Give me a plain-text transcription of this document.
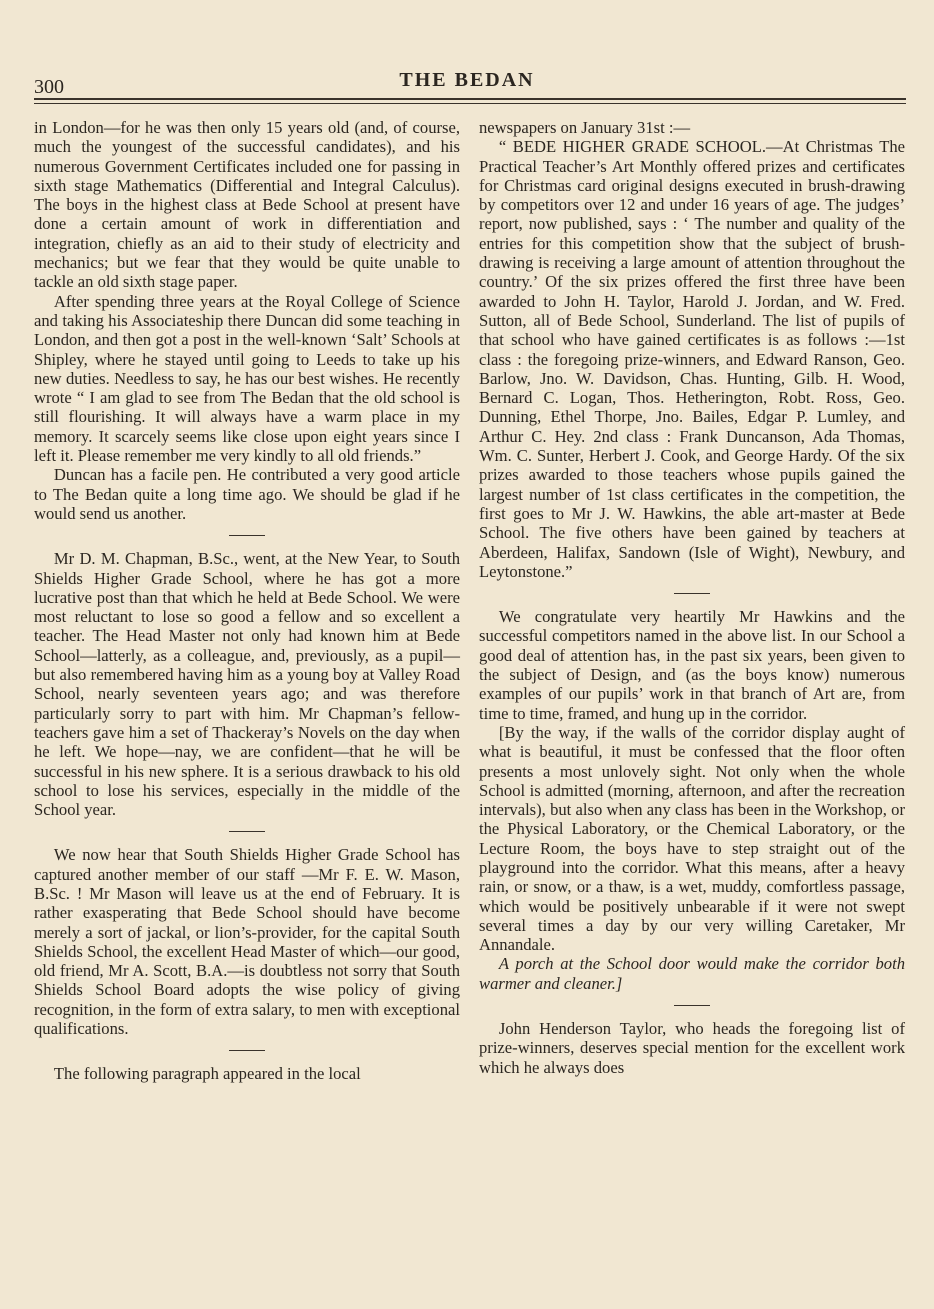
300	THE BEDAN

in London—for he was then only 15 years old (and, of course, much the youngest of the successful candidates), and his numerous Government Certificates included one for passing in sixth stage Mathematics (Differential and Integral Calculus). The boys in the highest class at Bede School at present have done a certain amount of work in differentiation and integration, chiefly as an aid to their study of electricity and mechanics; but we fear that they would be quite unable to tackle an old sixth stage paper.

After spending three years at the Royal College of Science and taking his Associateship there Duncan did some teaching in London, and then got a post in the well-known ‘Salt’ Schools at Shipley, where he stayed until going to Leeds to take up his new duties. Needless to say, he has our best wishes. He recently wrote “ I am glad to see from The Bedan that the old school is still flourishing. It will always have a warm place in my memory. It scarcely seems like close upon eight years since I left it. Please remember me very kindly to all old friends.”

Duncan has a facile pen. He contributed a very good article to The Bedan quite a long time ago. We should be glad if he would send us another.

Mr D. M. Chapman, B.Sc., went, at the New Year, to South Shields Higher Grade School, where he has got a more lucrative post than that which he held at Bede School. We were most reluctant to lose so good a fellow and so excellent a teacher. The Head Master not only had known him at Bede School—latterly, as a colleague, and, previously, as a pupil—but also remembered having him as a young boy at Valley Road School, nearly seventeen years ago; and was therefore particularly sorry to part with him. Mr Chapman’s fellow-teachers gave him a set of Thackeray’s Novels on the day when he left. We hope—nay, we are confident—that he will be successful in his new sphere. It is a serious drawback to his old school to lose his services, especially in the middle of the School year.

We now hear that South Shields Higher Grade School has captured another member of our staff —Mr F. E. W. Mason, B.Sc. ! Mr Mason will leave us at the end of February. It is rather exasperating that Bede School should have become merely a sort of jackal, or lion’s-provider, for the capital South Shields School, the excellent Head Master of which—our good, old friend, Mr A. Scott, B.A.—is doubtless not sorry that South Shields School Board adopts the wise policy of giving recognition, in the form of extra salary, to men with exceptional qualifications.

The following paragraph appeared in the local

newspapers on January 31st :—

“ BEDE HIGHER GRADE SCHOOL.—At Christmas The Practical Teacher’s Art Monthly offered prizes and certificates for Christmas card original designs executed in brush-drawing by competitors over 12 and under 16 years of age. The judges’ report, now published, says : ‘ The number and quality of the entries for this competition show that the subject of brush-drawing is receiving a large amount of attention throughout the country.’ Of the six prizes offered the first three have been awarded to John H. Taylor, Harold J. Jordan, and W. Fred. Sutton, all of Bede School, Sunderland. The list of pupils of that school who have gained certificates is as follows :—1st class : the foregoing prize-winners, and Edward Ranson, Geo. Barlow, Jno. W. Davidson, Chas. Hunting, Gilb. H. Wood, Bernard C. Logan, Thos. Hetherington, Robt. Ross, Geo. Dunning, Ethel Thorpe, Jno. Bailes, Edgar P. Lumley, and Arthur C. Hey. 2nd class : Frank Duncanson, Ada Thomas, Wm. C. Sunter, Herbert J. Cook, and George Hardy. Of the six prizes awarded to those teachers whose pupils gained the largest number of 1st class certificates in the competition, the first goes to Mr J. W. Hawkins, the able art-master at Bede School. The five others have been gained by teachers at Aberdeen, Halifax, Sandown (Isle of Wight), Newbury, and Leytonstone.”

We congratulate very heartily Mr Hawkins and the successful competitors named in the above list. In our School a good deal of attention has, in the past six years, been given to the subject of Design, and (as the boys know) numerous examples of our pupils’ work in that branch of Art are, from time to time, framed, and hung up in the corridor.

[By the way, if the walls of the corridor display aught of what is beautiful, it must be confessed that the floor often presents a most unlovely sight. Not only when the whole School is admitted (morning, afternoon, and after the recreation intervals), but also when any class has been in the Workshop, or the Physical Laboratory, or the Chemical Laboratory, or the Lecture Room, the boys have to step straight out of the playground into the corridor. What this means, after a heavy rain, or snow, or a thaw, is a wet, muddy, comfortless passage, which would be positively unbearable if it were not swept several times a day by our very willing Caretaker, Mr Annandale.

A porch at the School door would make the corridor both warmer and cleaner.]

John Henderson Taylor, who heads the foregoing list of prize-winners, deserves special mention for the excellent work which he always does
